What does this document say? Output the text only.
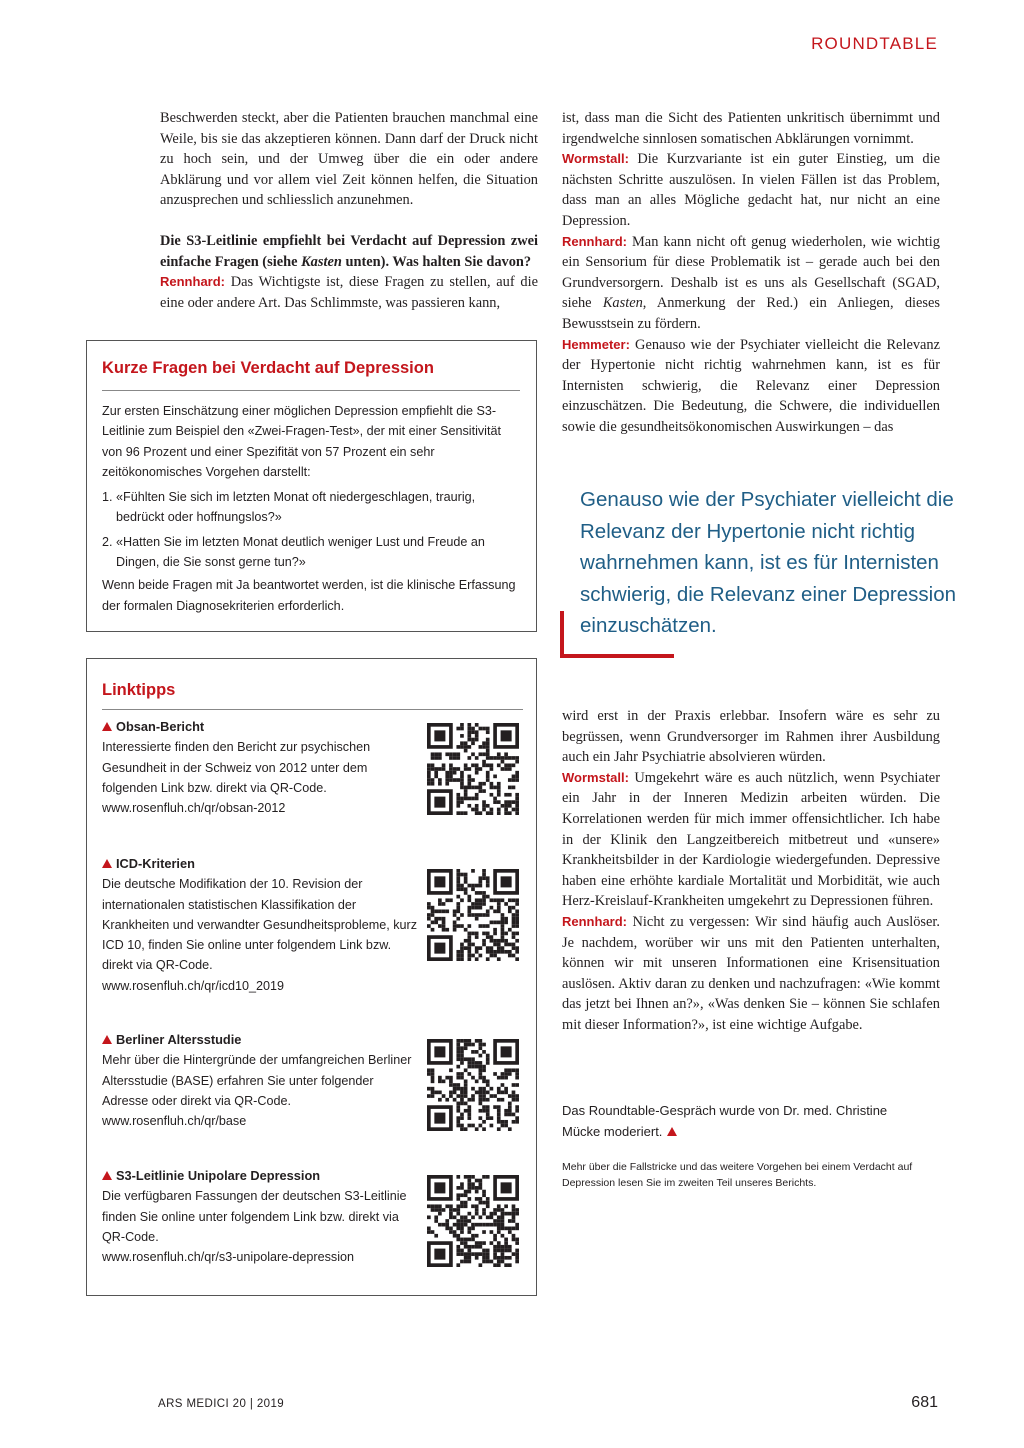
ROUNDTABLE

Beschwerden steckt, aber die Patienten brauchen manchmal eine Weile, bis sie das akzeptieren können. Dann darf der Druck nicht zu hoch sein, und der Umweg über die ein oder andere Abklärung und vor allem viel Zeit können helfen, die Situation anzusprechen und schliesslich anzunehmen.

Die S3-Leitlinie empfiehlt bei Verdacht auf Depression zwei einfache Fragen (siehe Kasten unten). Was halten Sie davon?

Rennhard: Das Wichtigste ist, diese Fragen zu stellen, auf die eine oder andere Art. Das Schlimmste, was passieren kann,

Kurze Fragen bei Verdacht auf Depression

Zur ersten Einschätzung einer möglichen Depression empfiehlt die S3-Leitlinie zum Beispiel den «Zwei-Fragen-Test», der mit einer Sensitivität von 96 Prozent und einer Spezifität von 57 Prozent ein sehr zeitökonomisches Vorgehen darstellt:

1. «Fühlten Sie sich im letzten Monat oft niedergeschlagen, traurig, bedrückt oder hoffnungslos?»
2. «Hatten Sie im letzten Monat deutlich weniger Lust und Freude an Dingen, die Sie sonst gerne tun?»

Wenn beide Fragen mit Ja beantwortet werden, ist die klinische Erfassung der formalen Diagnosekriterien erforderlich.

Linktipps
Obsan-Bericht
Interessierte finden den Bericht zur psychischen Gesundheit in der Schweiz von 2012 unter dem folgenden Link bzw. direkt via QR-Code.
www.rosenfluh.ch/qr/obsan-2012
ICD-Kriterien
Die deutsche Modifikation der 10. Revision der internationalen statistischen Klassifikation der Krankheiten und verwandter Gesundheitsprobleme, kurz ICD 10, finden Sie online unter folgendem Link bzw. direkt via QR-Code.
www.rosenfluh.ch/qr/icd10_2019
Berliner Altersstudie
Mehr über die Hintergründe der umfangreichen Berliner Altersstudie (BASE) erfahren Sie unter folgender Adresse oder direkt via QR-Code.
www.rosenfluh.ch/qr/base
S3-Leitlinie Unipolare Depression
Die verfügbaren Fassungen der deutschen S3-Leitlinie finden Sie online unter folgendem Link bzw. direkt via QR-Code.
www.rosenfluh.ch/qr/s3-unipolare-depression

ist, dass man die Sicht des Patienten unkritisch übernimmt und irgendwelche sinnlosen somatischen Abklärungen vornimmt.

Wormstall: Die Kurzvariante ist ein guter Einstieg, um die nächsten Schritte auszulösen. In vielen Fällen ist das Problem, dass man an alles Mögliche gedacht hat, nur nicht an eine Depression.

Rennhard: Man kann nicht oft genug wiederholen, wie wichtig ein Sensorium für diese Problematik ist – gerade auch bei den Grundversorgern. Deshalb ist es uns als Gesellschaft (SGAD, siehe Kasten, Anmerkung der Red.) ein Anliegen, dieses Bewusstsein zu fördern.

Hemmeter: Genauso wie der Psychiater vielleicht die Relevanz der Hypertonie nicht richtig wahrnehmen kann, ist es für Internisten schwierig, die Relevanz einer Depression einzuschätzen. Die Bedeutung, die Schwere, die individuellen sowie die gesundheitsökonomischen Auswirkungen – das

Genauso wie der Psychiater vielleicht die Relevanz der Hypertonie nicht richtig wahrnehmen kann, ist es für Internisten schwierig, die Relevanz einer Depression einzuschätzen.

wird erst in der Praxis erlebbar. Insofern wäre es sehr zu begrüssen, wenn Grundversorger im Rahmen ihrer Ausbildung auch ein Jahr Psychiatrie absolvieren würden.

Wormstall: Umgekehrt wäre es auch nützlich, wenn Psychiater ein Jahr in der Inneren Medizin arbeiten würden. Die Korrelationen werden für mich immer offensichtlicher. Ich habe in der Klinik den Langzeitbereich mitbetreut und «unsere» Krankheitsbilder in der Kardiologie wiedergefunden. Depressive haben eine erhöhte kardiale Mortalität und Morbidität, wie auch Herz-Kreislauf-Krankheiten umgekehrt zu Depressionen führen.

Rennhard: Nicht zu vergessen: Wir sind häufig auch Auslöser. Je nachdem, worüber wir uns mit den Patienten unterhalten, können wir mit unseren Informationen eine Krisensituation auslösen. Aktiv daran zu denken und nachzufragen: «Wie kommt das jetzt bei Ihnen an?», «Was denken Sie – können Sie schlafen mit dieser Information?», ist eine wichtige Aufgabe.

Das Roundtable-Gespräch wurde von Dr. med. Christine Mücke moderiert.
Mehr über die Fallstricke und das weitere Vorgehen bei einem Verdacht auf Depression lesen Sie im zweiten Teil unseres Berichts.
ARS MEDICI 20 | 2019	681
